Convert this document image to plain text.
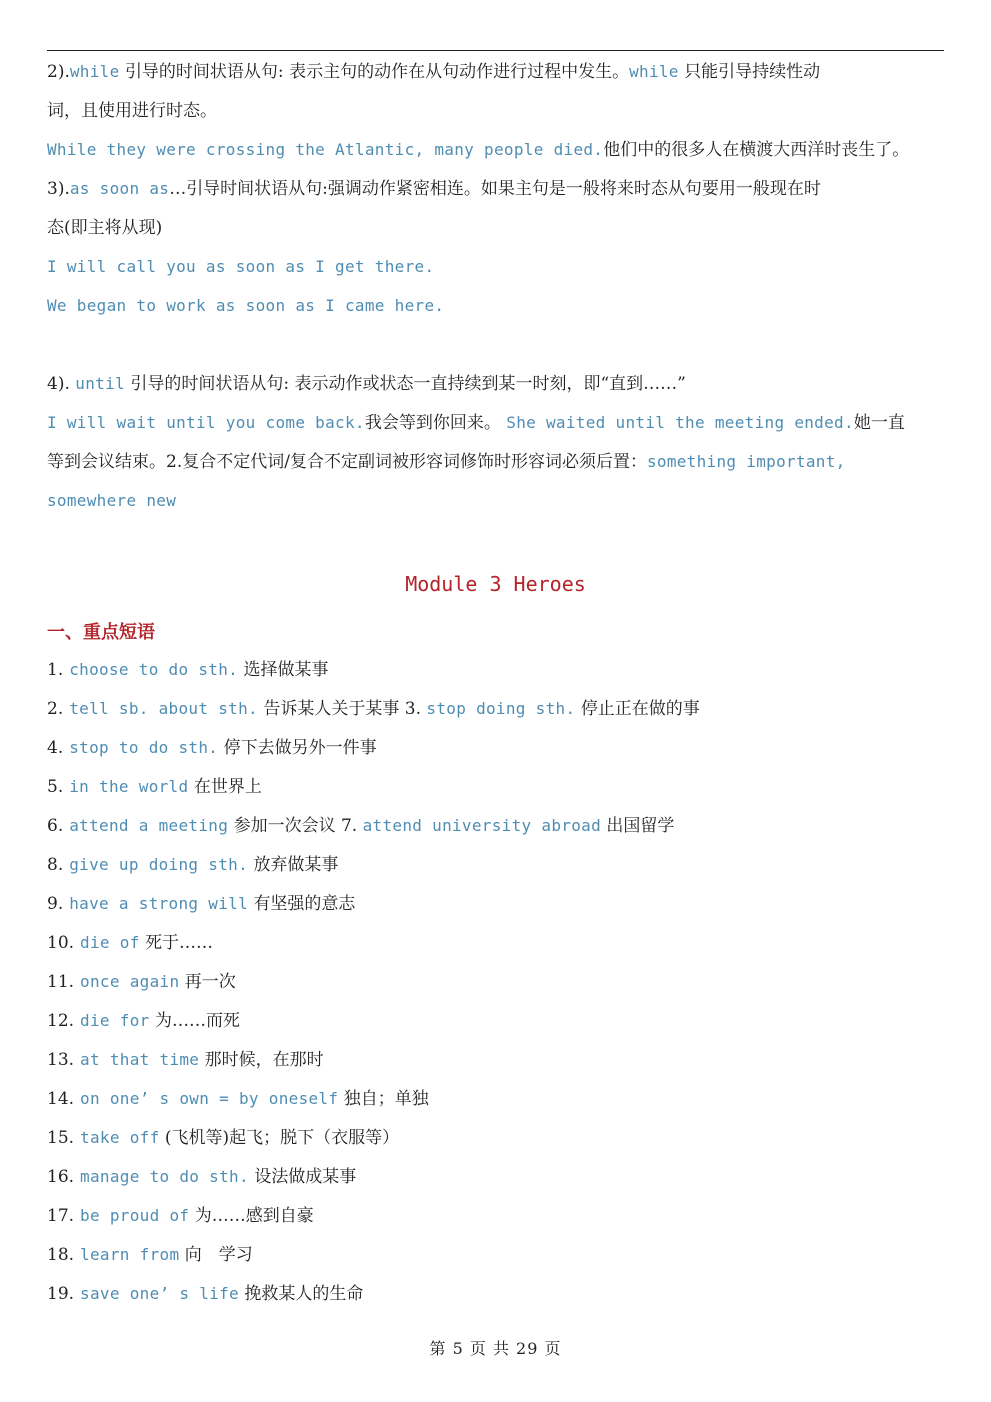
2).while 引导的时间状语从句: 表示主句的动作在从句动作进行过程中发生。while 只能引导持续性动
词，且使用进行时态。
While they were crossing the Atlantic, many people died.他们中的很多人在横渡大西洋时丧生了。
3).as soon as…引导时间状语从句:强调动作紧密相连。如果主句是一般将来时态从句要用一般现在时
态(即主将从现)
I will call you as soon as I get there.
We began to work as soon as I came here.
4). until 引导的时间状语从句: 表示动作或状态一直持续到某一时刻，即“直到……”
I will wait until you come back.我会等到你回来。 She waited until the meeting ended.她一直
等到会议结束。2.复合不定代词/复合不定副词被形容词修饰时形容词必须后置：something important,
somewhere new
Module 3 Heroes
一、重点短语
1. choose to do sth. 选择做某事
2. tell sb. about sth. 告诉某人关于某事 3. stop doing sth. 停止正在做的事
4. stop to do sth. 停下去做另外一件事
5. in the world 在世界上
6. attend a meeting 参加一次会议 7. attend university abroad 出国留学
8. give up doing sth. 放弃做某事
9. have a strong will 有坚强的意志
10. die of 死于……
11. once again 再一次
12. die for 为……而死
13. at that time 那时候，在那时
14. on one’ s own = by oneself 独自；单独
15. take off (飞机等)起飞；脱下（衣服等）
16. manage to do sth. 设法做成某事
17. be proud of 为……感到自豪
18. learn from 向　学习
19. save one’ s life 挽救某人的生命
第 5 页 共 29 页
